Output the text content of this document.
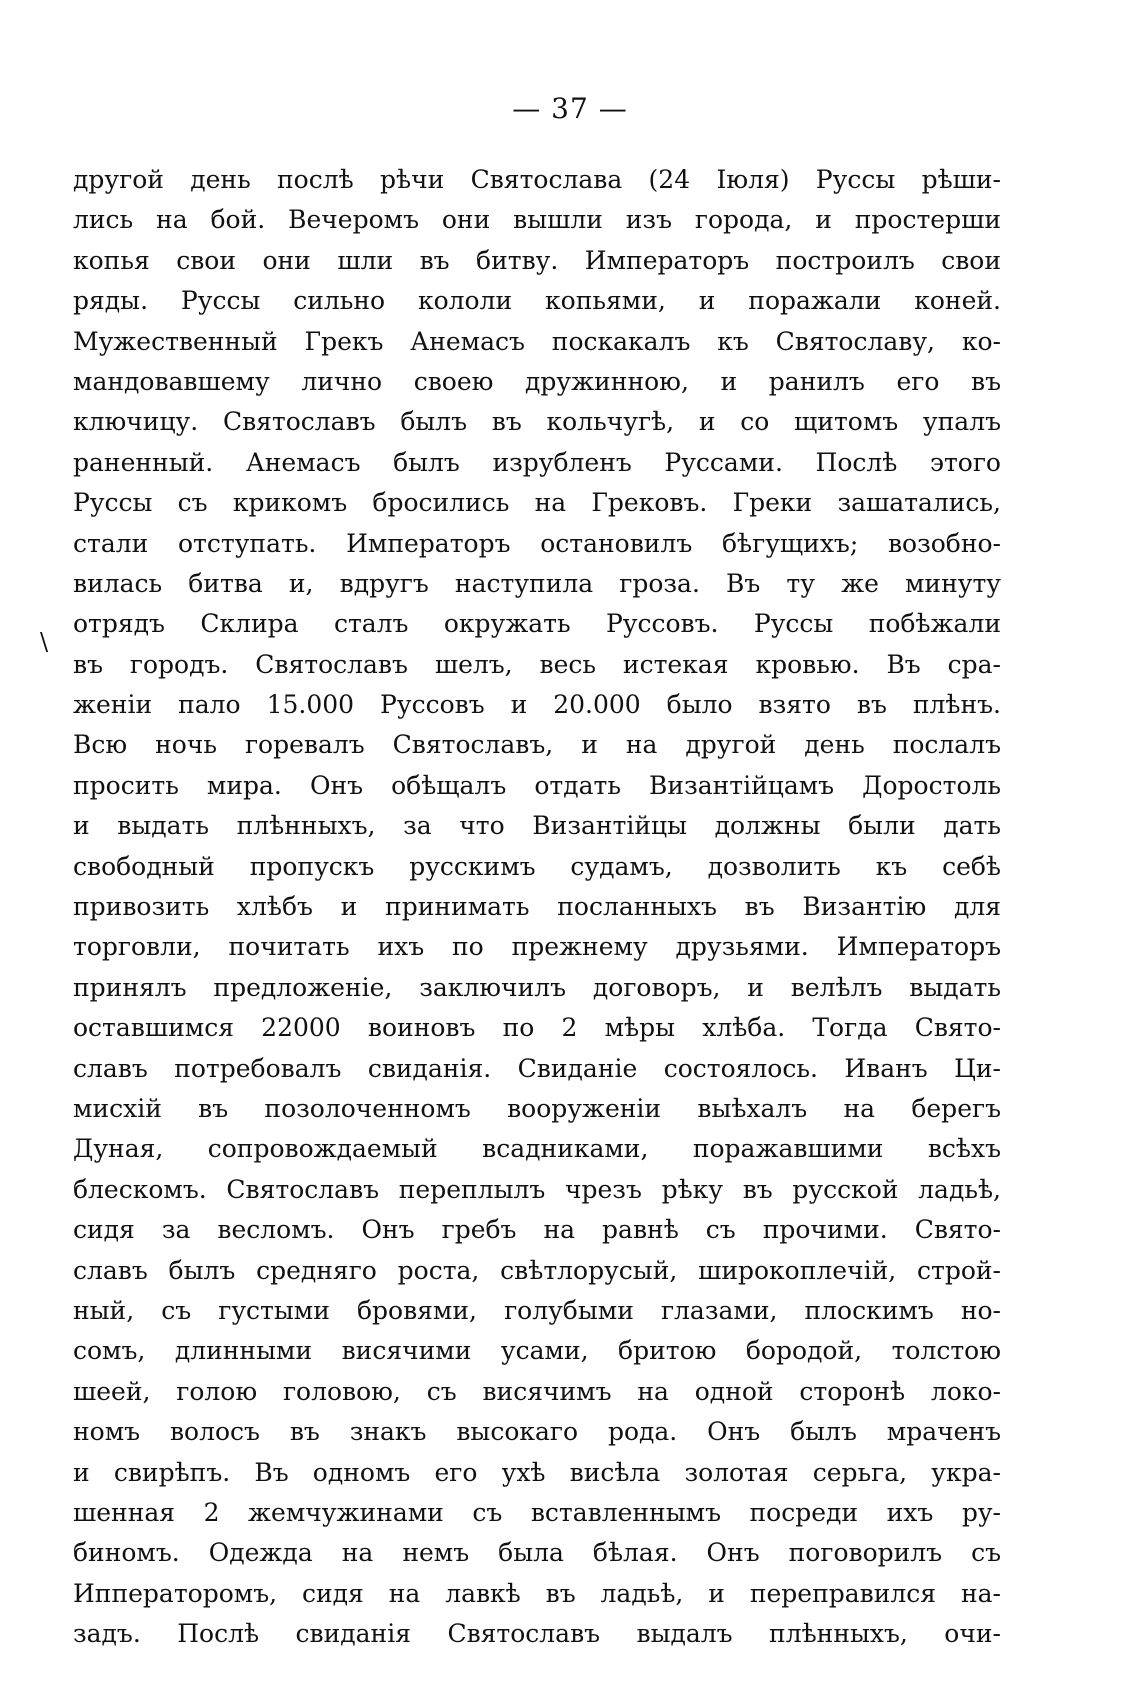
— 37 —
\
другой день послѣ рѣчи Святослава (24 Іюля) Руссы рѣши-
лись на бой. Вечеромъ они вышли изъ города, и простерши
копья свои они шли въ битву. Императоръ построилъ свои
ряды. Руссы сильно кололи копьями, и поражали коней.
Мужественный Грекъ Анемасъ поскакалъ къ Святославу, ко-
мандовавшему лично своею дружинною, и ранилъ его въ
ключицу. Святославъ былъ въ кольчугѣ, и со щитомъ упалъ
раненный. Анемасъ былъ изрубленъ Руссами. Послѣ этого
Руссы съ крикомъ бросились на Грековъ. Греки зашатались,
стали отступать. Императоръ остановилъ бѣгущихъ; возобно-
вилась битва и, вдругъ наступила гроза. Въ ту же минуту
отрядъ Склира сталъ окружать Руссовъ. Руссы побѣжали
въ городъ. Святославъ шелъ, весь истекая кровью. Въ сра-
женіи пало 15.000 Руссовъ и 20.000 было взято въ плѣнъ.
Всю ночь горевалъ Святославъ, и на другой день послалъ
просить мира. Онъ обѣщалъ отдать Византійцамъ Доростоль
и выдать плѣнныхъ, за что Византійцы должны были дать
свободный пропускъ русскимъ судамъ, дозволить къ себѣ
привозить хлѣбъ и принимать посланныхъ въ Византію для
торговли, почитать ихъ по прежнему друзьями. Императоръ
принялъ предложеніе, заключилъ договоръ, и велѣлъ выдать
оставшимся 22000 воиновъ по 2 мѣры хлѣба. Тогда Свято-
славъ потребовалъ свиданія. Свиданіе состоялось. Иванъ Ци-
мисхій въ позолоченномъ вооруженіи выѣхалъ на берегъ
Дуная, сопровождаемый всадниками, поражавшими всѣхъ
блескомъ. Святославъ переплылъ чрезъ рѣку въ русской ладьѣ,
сидя за весломъ. Онъ гребъ на равнѣ съ прочими. Свято-
славъ былъ средняго роста, свѣтлорусый, широкоплечій, строй-
ный, съ густыми бровями, голубыми глазами, плоскимъ но-
сомъ, длинными висячими усами, бритою бородой, толстою
шеей, голою головою, съ висячимъ на одной сторонѣ локо-
номъ волосъ въ знакъ высокаго рода. Онъ былъ мраченъ
и свирѣпъ. Въ одномъ его ухѣ висѣла золотая серьга, укра-
шенная 2 жемчужинами съ вставленнымъ посреди ихъ ру-
биномъ. Одежда на немъ была бѣлая. Онъ поговорилъ съ
Ипператоромъ, сидя на лавкѣ въ ладьѣ, и переправился на-
задъ. Послѣ свиданія Святославъ выдалъ плѣнныхъ, очи-
